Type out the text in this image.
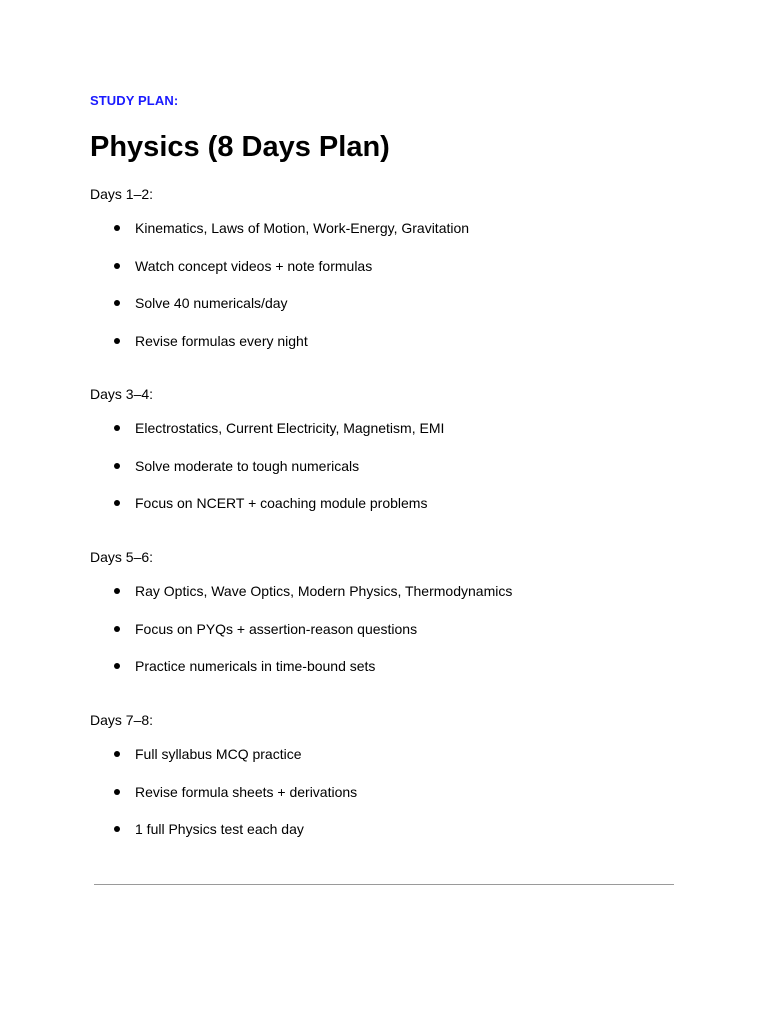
STUDY PLAN:
Physics (8 Days Plan)
Days 1–2:
Kinematics, Laws of Motion, Work-Energy, Gravitation
Watch concept videos + note formulas
Solve 40 numericals/day
Revise formulas every night
Days 3–4:
Electrostatics, Current Electricity, Magnetism, EMI
Solve moderate to tough numericals
Focus on NCERT + coaching module problems
Days 5–6:
Ray Optics, Wave Optics, Modern Physics, Thermodynamics
Focus on PYQs + assertion-reason questions
Practice numericals in time-bound sets
Days 7–8:
Full syllabus MCQ practice
Revise formula sheets + derivations
1 full Physics test each day
